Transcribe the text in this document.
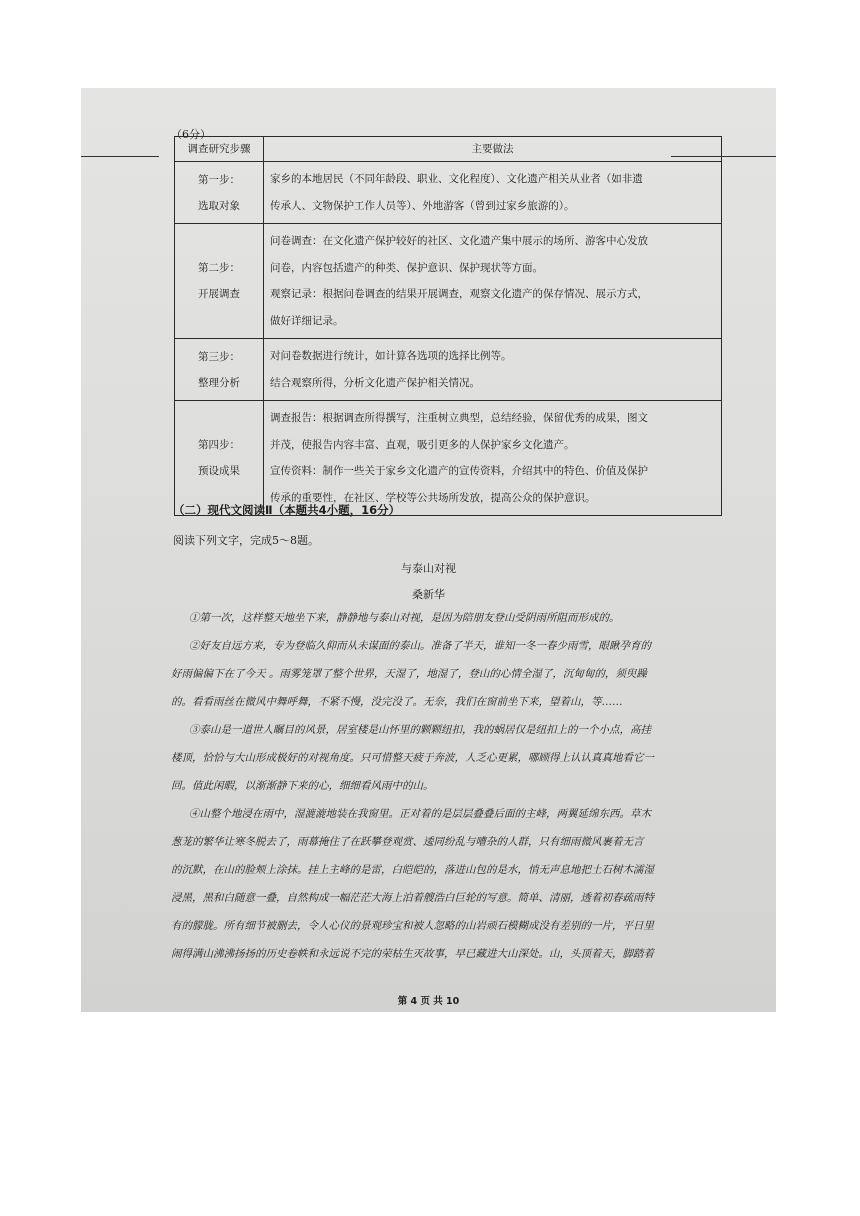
（6分）
调查研究步骤	主要做法

第一步：
选取对象	家乡的本地居民（不同年龄段、职业、文化程度）、文化遗产相关从业者（如非遗
传承人、文物保护工作人员等）、外地游客（曾到过家乡旅游的）。

第二步：
开展调查	问卷调查：在文化遗产保护较好的社区、文化遗产集中展示的场所、游客中心发放
问卷，内容包括遗产的种类、保护意识、保护现状等方面。
观察记录：根据问卷调查的结果开展调查，观察文化遗产的保存情况、展示方式，
做好详细记录。

第三步：
整理分析	对问卷数据进行统计，如计算各选项的选择比例等。
结合观察所得，分析文化遗产保护相关情况。

第四步：
预设成果	调查报告：根据调查所得撰写，注重树立典型，总结经验，保留优秀的成果，图文
并茂，使报告内容丰富、直观，吸引更多的人保护家乡文化遗产。
宣传资料：制作一些关于家乡文化遗产的宣传资料，介绍其中的特色、价值及保护
传承的重要性，在社区、学校等公共场所发放，提高公众的保护意识。
（二）现代文阅读Ⅱ（本题共4小题，16分）
阅读下列文字，完成5～8题。
与泰山对视
桑新华
①第一次，这样整天地坐下来，静静地与泰山对视，是因为陪朋友登山受阴雨所阻而形成的。
②好友自远方来，专为登临久仰而从未谋面的泰山。准备了半天，谁知一冬一春少雨雪，眼瞅孕育的
好雨偏偏下在了今天 。雨雾笼罩了整个世界，天湿了，地湿了，登山的心情全湿了，沉甸甸的，须臾躁
的。看看雨丝在微风中舞呼舞，不紧不慢，没完没了。无奈，我们在窗前坐下来，望着山，等……
③泰山是一道世人瞩目的风景，居室楼是山怀里的颗颗纽扣，我的蜗居仅是纽扣上的一个小点，高挂
楼顶，恰恰与大山形成极好的对视角度。只可惜整天疲于奔波，人乏心更累，哪顾得上认认真真地看它一
回。值此闲暇，以渐渐静下来的心，细细看风雨中的山。
④山整个地浸在雨中，湿漉漉地装在我窗里。正对着的是层层叠叠后面的主峰，两翼延绵东西。草木
葱茏的繁华让寒冬脱去了，雨幕掩住了在跃攀登观赏、逶同纷乱与嘈杂的人群，只有细雨微风裹着无言
的沉默，在山的脸颊上涂抹。挂上主峰的是雷，白皑皑的，落进山包的是水，悄无声息地把土石树木濡湿
浸黑，黑和白随意一叠，自然构成一幅茫茫大海上泊着艘浩白巨轮的写意。简单、清丽，透着初春疏雨特
有的朦胧。所有细节被删去，令人心仪的景观珍宝和被人忽略的山岩顽石模糊成没有差别的一片，平日里
闹得满山沸沸扬扬的历史卷帙和永远说不完的荣枯生灭故事，早已藏进大山深处。山，头顶着天，脚踏着
第 4 页 共 10
